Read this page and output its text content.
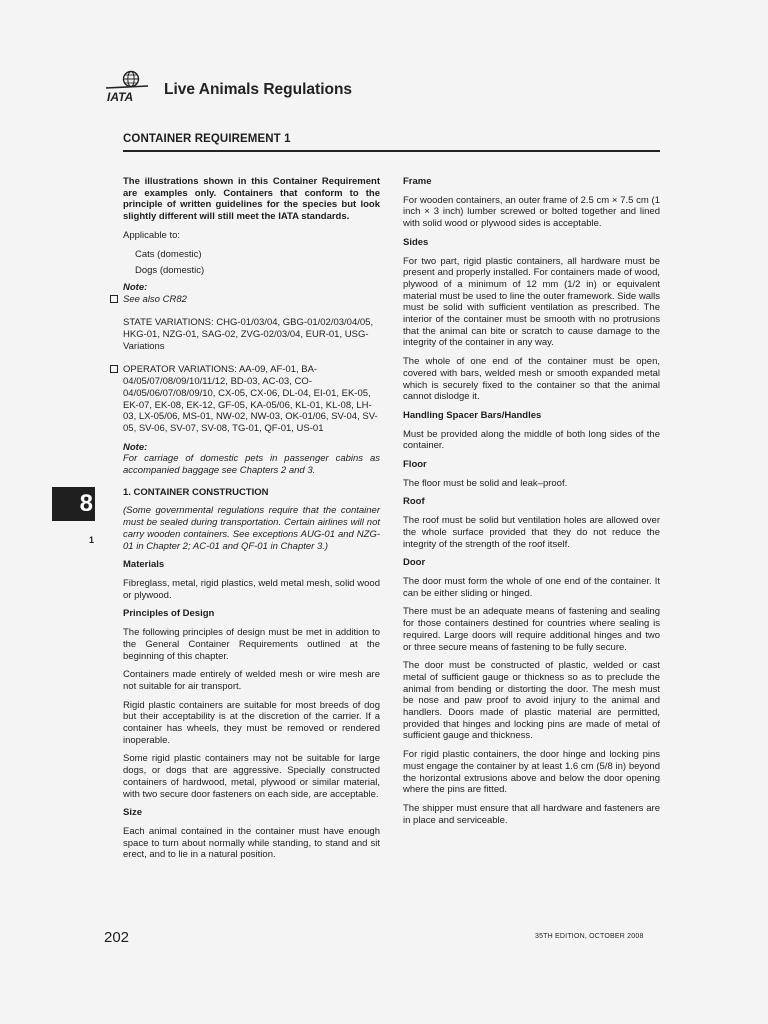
IATA Live Animals Regulations
CONTAINER REQUIREMENT 1
8
1

The illustrations shown in this Container Requirement are examples only. Containers that conform to the principle of written guidelines for the species but look slightly different will still meet the IATA standards.

Applicable to:

Cats (domestic)

Dogs (domestic)

Note:

See also CR82

STATE VARIATIONS: CHG-01/03/04, GBG-01/02/03/04/05, HKG-01, NZG-01, SAG-02, ZVG-02/03/04, EUR-01, USG-Variations

OPERATOR VARIATIONS: AA-09, AF-01, BA-04/05/07/08/09/10/11/12, BD-03, AC-03, CO-04/05/06/07/08/09/10, CX-05, CX-06, DL-04, EI-01, EK-05, EK-07, EK-08, EK-12, GF-05, KA-05/06, KL-01, KL-08, LH-03, LX-05/06, MS-01, NW-02, NW-03, OK-01/06, SV-04, SV-05, SV-06, SV-07, SV-08, TG-01, QF-01, US-01

Note:

For carriage of domestic pets in passenger cabins as accompanied baggage see Chapters 2 and 3.

1. CONTAINER CONSTRUCTION

(Some governmental regulations require that the container must be sealed during transportation. Certain airlines will not carry wooden containers. See exceptions AUG-01 and NZG-01 in Chapter 2; AC-01 and QF-01 in Chapter 3.)

Materials

Fibreglass, metal, rigid plastics, weld metal mesh, solid wood or plywood.

Principles of Design

The following principles of design must be met in addition to the General Container Requirements outlined at the beginning of this chapter.

Containers made entirely of welded mesh or wire mesh are not suitable for air transport.

Rigid plastic containers are suitable for most breeds of dog but their acceptability is at the discretion of the carrier. If a container has wheels, they must be removed or rendered inoperable.

Some rigid plastic containers may not be suitable for large dogs, or dogs that are aggressive. Specially constructed containers of hardwood, metal, plywood or similar material, with two secure door fasteners on each side, are acceptable.

Size

Each animal contained in the container must have enough space to turn about normally while standing, to stand and sit erect, and to lie in a natural position.

Frame

For wooden containers, an outer frame of 2.5 cm × 7.5 cm (1 inch × 3 inch) lumber screwed or bolted together and lined with solid wood or plywood sides is acceptable.

Sides

For two part, rigid plastic containers, all hardware must be present and properly installed. For containers made of wood, plywood of a minimum of 12 mm (1/2 in) or equivalent material must be used to line the outer framework. Side walls must be solid with sufficient ventilation as prescribed. The interior of the container must be smooth with no protrusions that the animal can bite or scratch to cause damage to the integrity of the container in any way.

The whole of one end of the container must be open, covered with bars, welded mesh or smooth expanded metal which is securely fixed to the container so that the animal cannot dislodge it.

Handling Spacer Bars/Handles

Must be provided along the middle of both long sides of the container.

Floor

The floor must be solid and leak–proof.

Roof

The roof must be solid but ventilation holes are allowed over the whole surface provided that they do not reduce the integrity of the strength of the roof itself.

Door

The door must form the whole of one end of the container. It can be either sliding or hinged.

There must be an adequate means of fastening and sealing for those containers destined for countries where sealing is required. Large doors will require additional hinges and two or three secure means of fastening to be fully secure.

The door must be constructed of plastic, welded or cast metal of sufficient gauge or thickness so as to preclude the animal from bending or distorting the door. The mesh must be nose and paw proof to avoid injury to the animal and handlers. Doors made of plastic material are permitted, provided that hinges and locking pins are made of metal of sufficient gauge and thickness.

For rigid plastic containers, the door hinge and locking pins must engage the container by at least 1.6 cm (5/8 in) beyond the horizontal extrusions above and below the door opening where the pins are fitted.

The shipper must ensure that all hardware and fasteners are in place and serviceable.

202	35TH EDITION, OCTOBER 2008
